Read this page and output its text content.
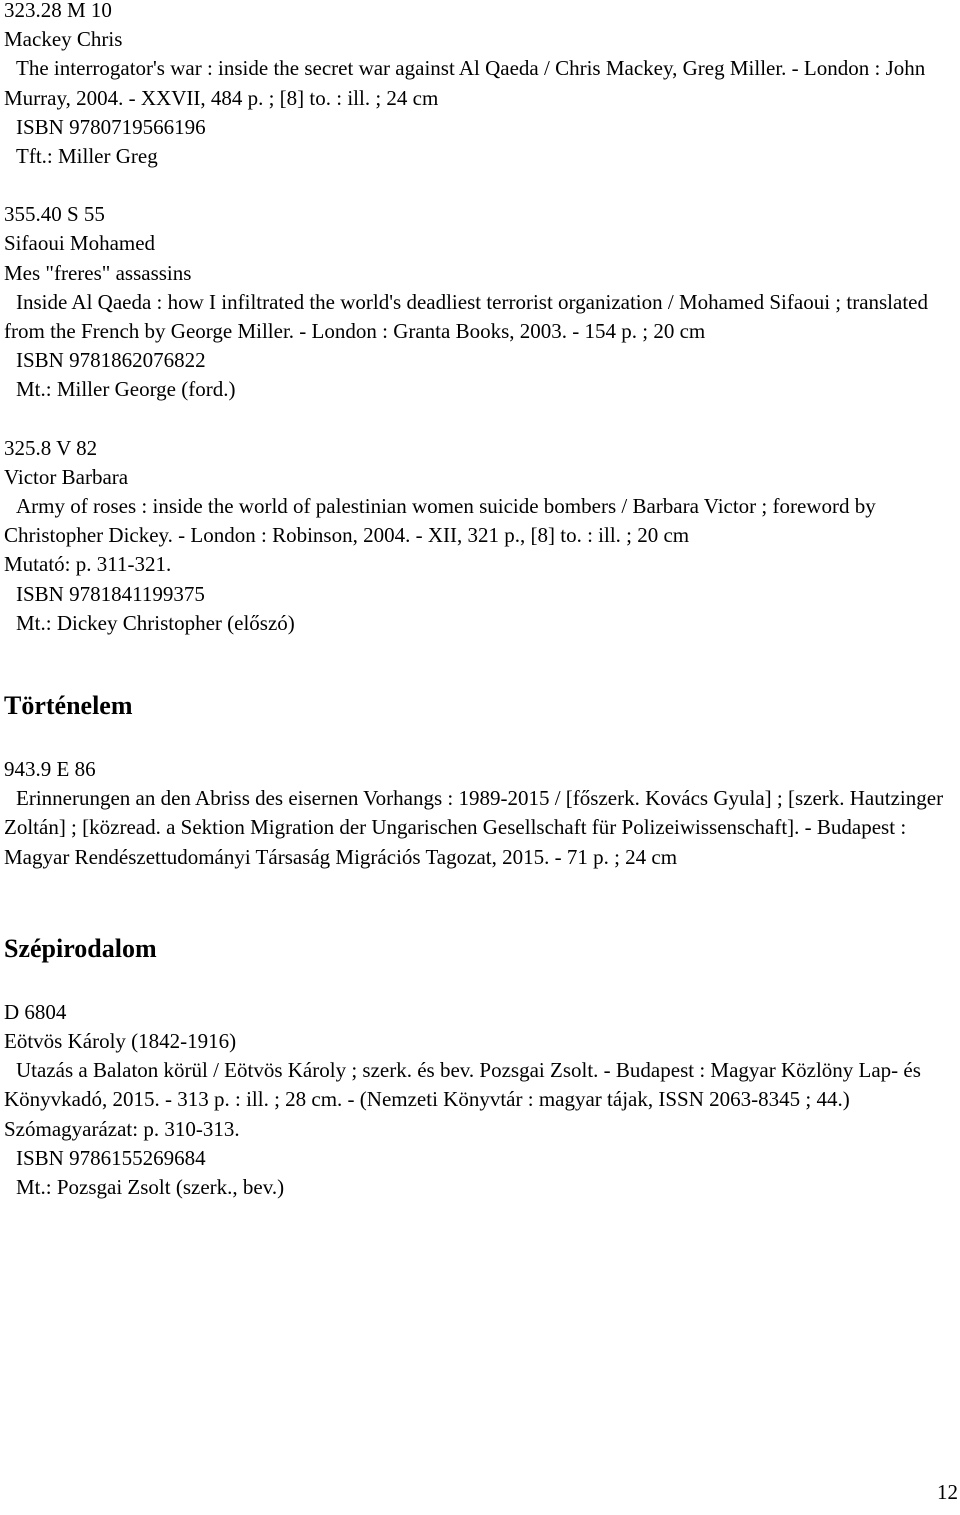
323.28 M 10
Mackey Chris
The interrogator's war : inside the secret war against Al Qaeda / Chris Mackey, Greg Miller. - London : John Murray, 2004. - XXVII, 484 p. ; [8] to. : ill. ; 24 cm
ISBN 9780719566196
Tft.: Miller Greg
355.40 S 55
Sifaoui Mohamed
Mes "freres" assassins
Inside Al Qaeda : how I infiltrated the world's deadliest terrorist organization / Mohamed Sifaoui ; translated from the French by George Miller. - London : Granta Books, 2003. - 154 p. ; 20 cm
ISBN 9781862076822
Mt.: Miller George (ford.)
325.8 V 82
Victor Barbara
Army of roses : inside the world of palestinian women suicide bombers / Barbara Victor ; foreword by Christopher Dickey. - London : Robinson, 2004. - XII, 321 p., [8] to. : ill. ; 20 cm
Mutató: p. 311-321.
ISBN 9781841199375
Mt.: Dickey Christopher (előszó)
Történelem
943.9 E 86
Erinnerungen an den Abriss des eisernen Vorhangs : 1989-2015 / [főszerk. Kovács Gyula] ; [szerk. Hautzinger Zoltán] ; [közread. a Sektion Migration der Ungarischen Gesellschaft für Polizeiwissenschaft]. - Budapest : Magyar Rendészettudományi Társaság Migrációs Tagozat, 2015. - 71 p. ; 24 cm
Szépirodalom
D 6804
Eötvös Károly (1842-1916)
Utazás a Balaton körül / Eötvös Károly ; szerk. és bev. Pozsgai Zsolt. - Budapest : Magyar Közlöny Lap- és Könyvkadó, 2015. - 313 p. : ill. ; 28 cm. - (Nemzeti Könyvtár : magyar tájak, ISSN 2063-8345 ; 44.)
Szómagyarázat: p. 310-313.
ISBN 9786155269684
Mt.: Pozsgai Zsolt (szerk., bev.)
12
